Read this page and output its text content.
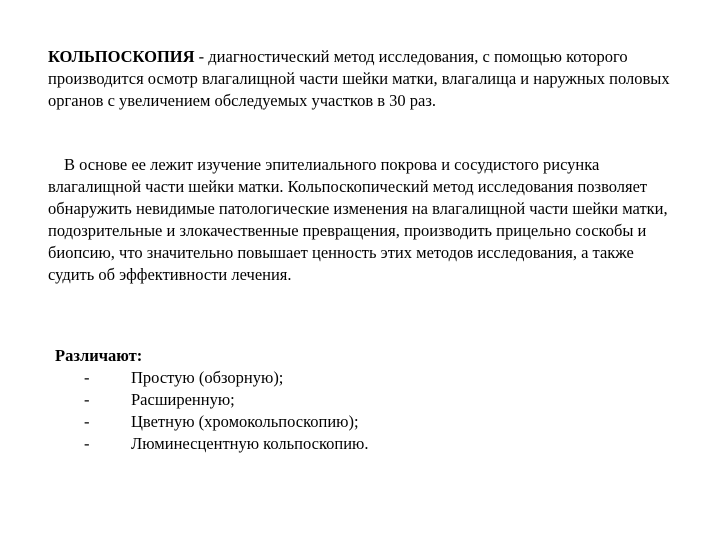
КОЛЬПОСКОПИЯ - диагностический метод исследования, с помощью которого производится осмотр влагалищной части шейки матки, влагалища и наружных половых органов с увеличением обследуемых участков в 30 раз.

В основе ее лежит изучение эпителиального покрова и сосудистого рисунка влагалищной части шейки матки. Кольпоскопический метод исследования позволяет обнаружить невидимые патологические изменения на влагалищной части шейки матки, подозрительные и злокачественные превращения, производить прицельно соскобы и биопсию, что значительно повышает ценность этих методов исследования, а также судить об эффективности лечения.

Различают:
-	Простую (обзорную);
-	Расширенную;
-	Цветную (хромокольпоскопию);
-	Люминесцентную кольпоскопию.
